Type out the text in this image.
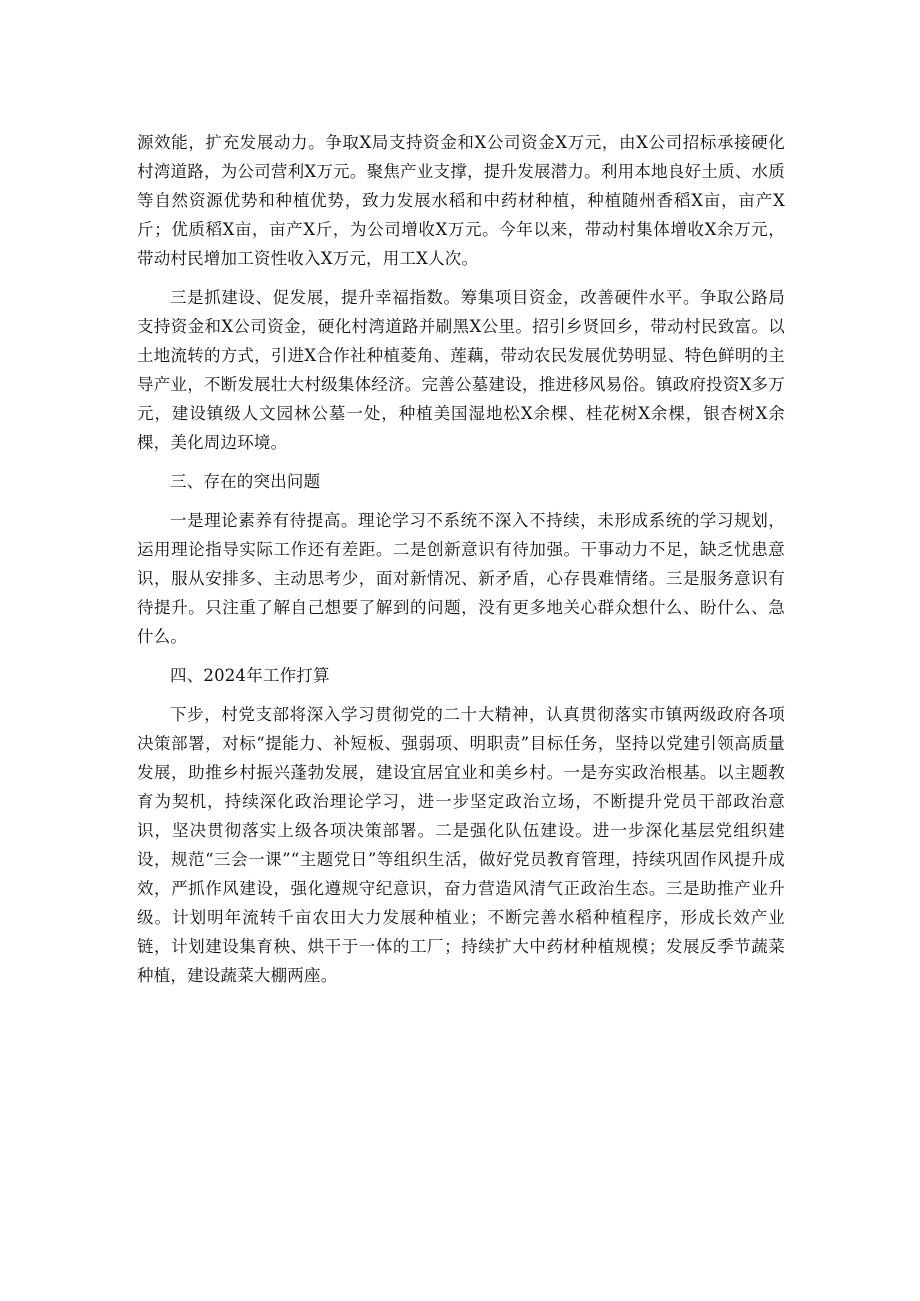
源效能，扩充发展动力。争取X局支持资金和X公司资金X万元，由X公司招标承接硬化村湾道路，为公司营利X万元。聚焦产业支撑，提升发展潜力。利用本地良好土质、水质等自然资源优势和种植优势，致力发展水稻和中药材种植，种植随州香稻X亩，亩产X斤；优质稻X亩，亩产X斤，为公司增收X万元。今年以来，带动村集体增收X余万元，带动村民增加工资性收入X万元，用工X人次。

三是抓建设、促发展，提升幸福指数。筹集项目资金，改善硬件水平。争取公路局支持资金和X公司资金，硬化村湾道路并刷黑X公里。招引乡贤回乡，带动村民致富。以土地流转的方式，引进X合作社种植菱角、莲藕，带动农民发展优势明显、特色鲜明的主导产业，不断发展壮大村级集体经济。完善公墓建设，推进移风易俗。镇政府投资X多万元，建设镇级人文园林公墓一处，种植美国湿地松X余棵、桂花树X余棵，银杏树X余棵，美化周边环境。

三、存在的突出问题

一是理论素养有待提高。理论学习不系统不深入不持续，未形成系统的学习规划，运用理论指导实际工作还有差距。二是创新意识有待加强。干事动力不足，缺乏忧患意识，服从安排多、主动思考少，面对新情况、新矛盾，心存畏难情绪。三是服务意识有待提升。只注重了解自己想要了解到的问题，没有更多地关心群众想什么、盼什么、急什么。

四、2024年工作打算

下步，村党支部将深入学习贯彻党的二十大精神，认真贯彻落实市镇两级政府各项决策部署，对标“提能力、补短板、强弱项、明职责”目标任务，坚持以党建引领高质量发展，助推乡村振兴蓬勃发展，建设宜居宜业和美乡村。一是夯实政治根基。以主题教育为契机，持续深化政治理论学习，进一步坚定政治立场，不断提升党员干部政治意识，坚决贯彻落实上级各项决策部署。二是强化队伍建设。进一步深化基层党组织建设，规范“三会一课”“主题党日”等组织生活，做好党员教育管理，持续巩固作风提升成效，严抓作风建设，强化遵规守纪意识，奋力营造风清气正政治生态。三是助推产业升级。计划明年流转千亩农田大力发展种植业；不断完善水稻种植程序，形成长效产业链，计划建设集育秧、烘干于一体的工厂；持续扩大中药材种植规模；发展反季节蔬菜种植，建设蔬菜大棚两座。
